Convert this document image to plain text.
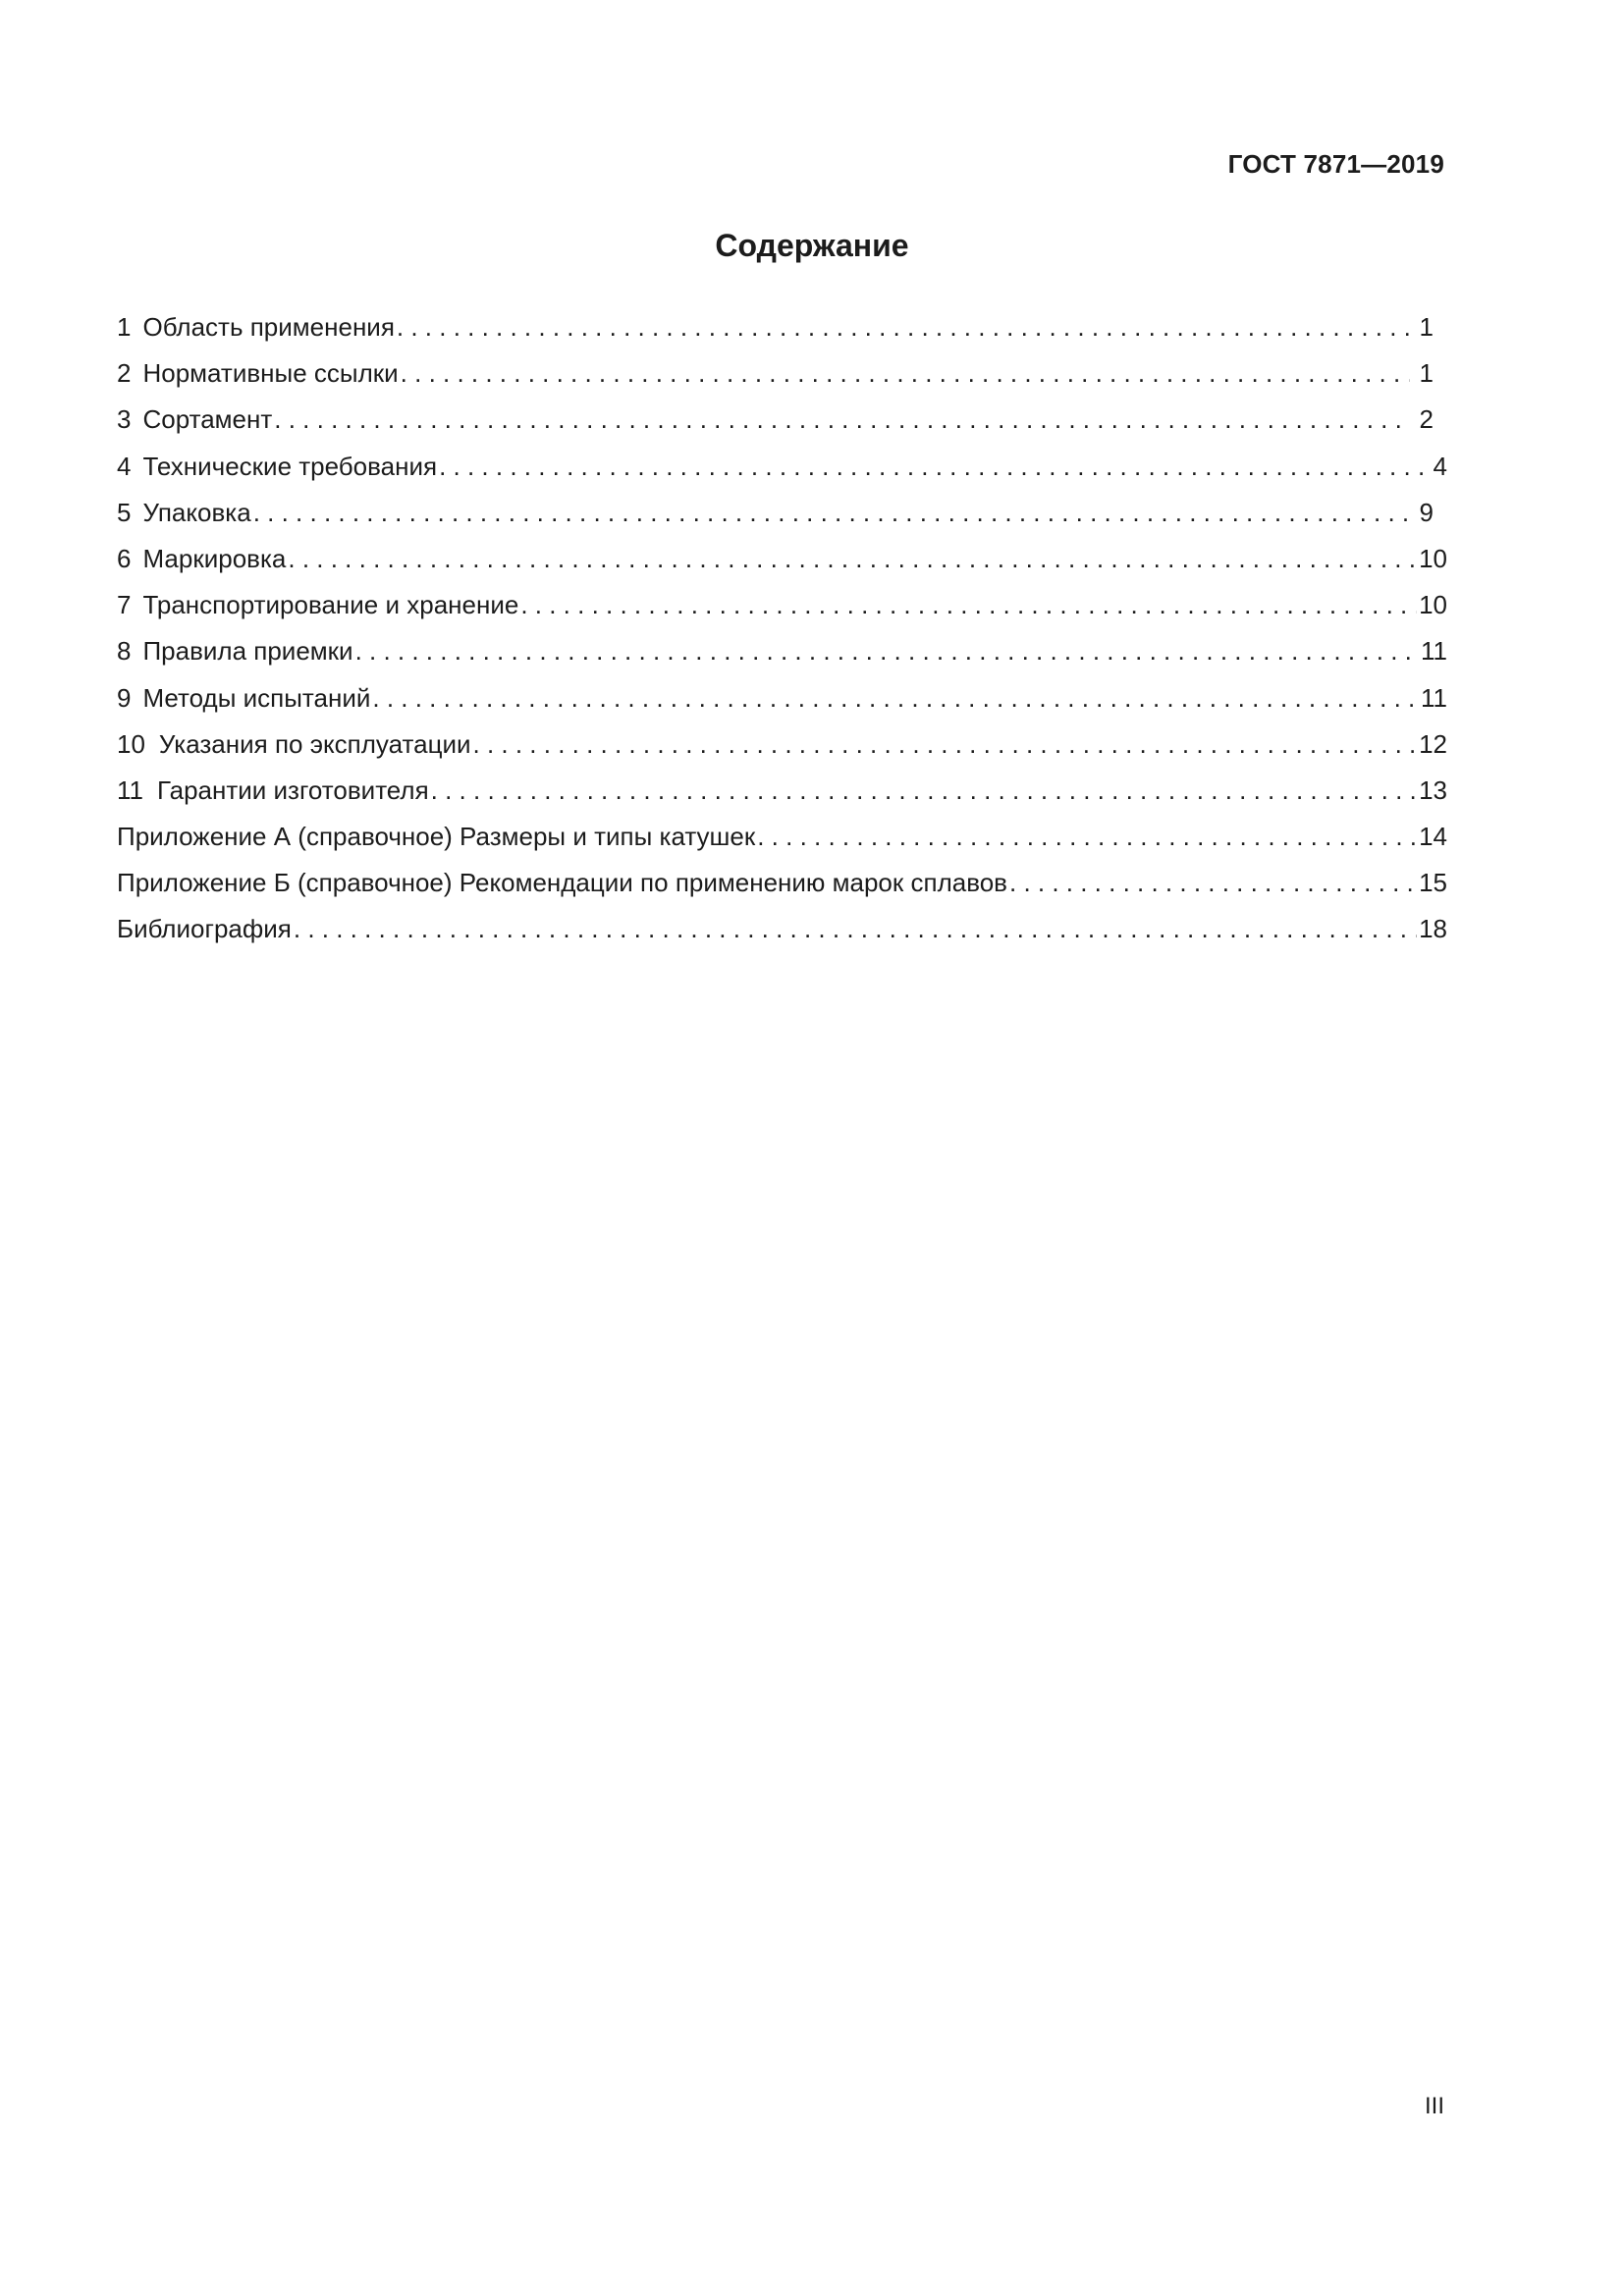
ГОСТ 7871—2019
Содержание
1 Область применения . . .	1
2 Нормативные ссылки . . .	1
3 Сортамент . . .	2
4 Технические требования . . .	4
5 Упаковка . . .	9
6 Маркировка . . .	10
7 Транспортирование и хранение . . .	10
8 Правила приемки . . .	11
9 Методы испытаний . . .	11
10 Указания по эксплуатации . . .	12
11 Гарантии изготовителя . . .	13
Приложение А (справочное) Размеры и типы катушек . . .	14
Приложение Б (справочное) Рекомендации по применению марок сплавов . . .	15
Библиография . . .	18
III
